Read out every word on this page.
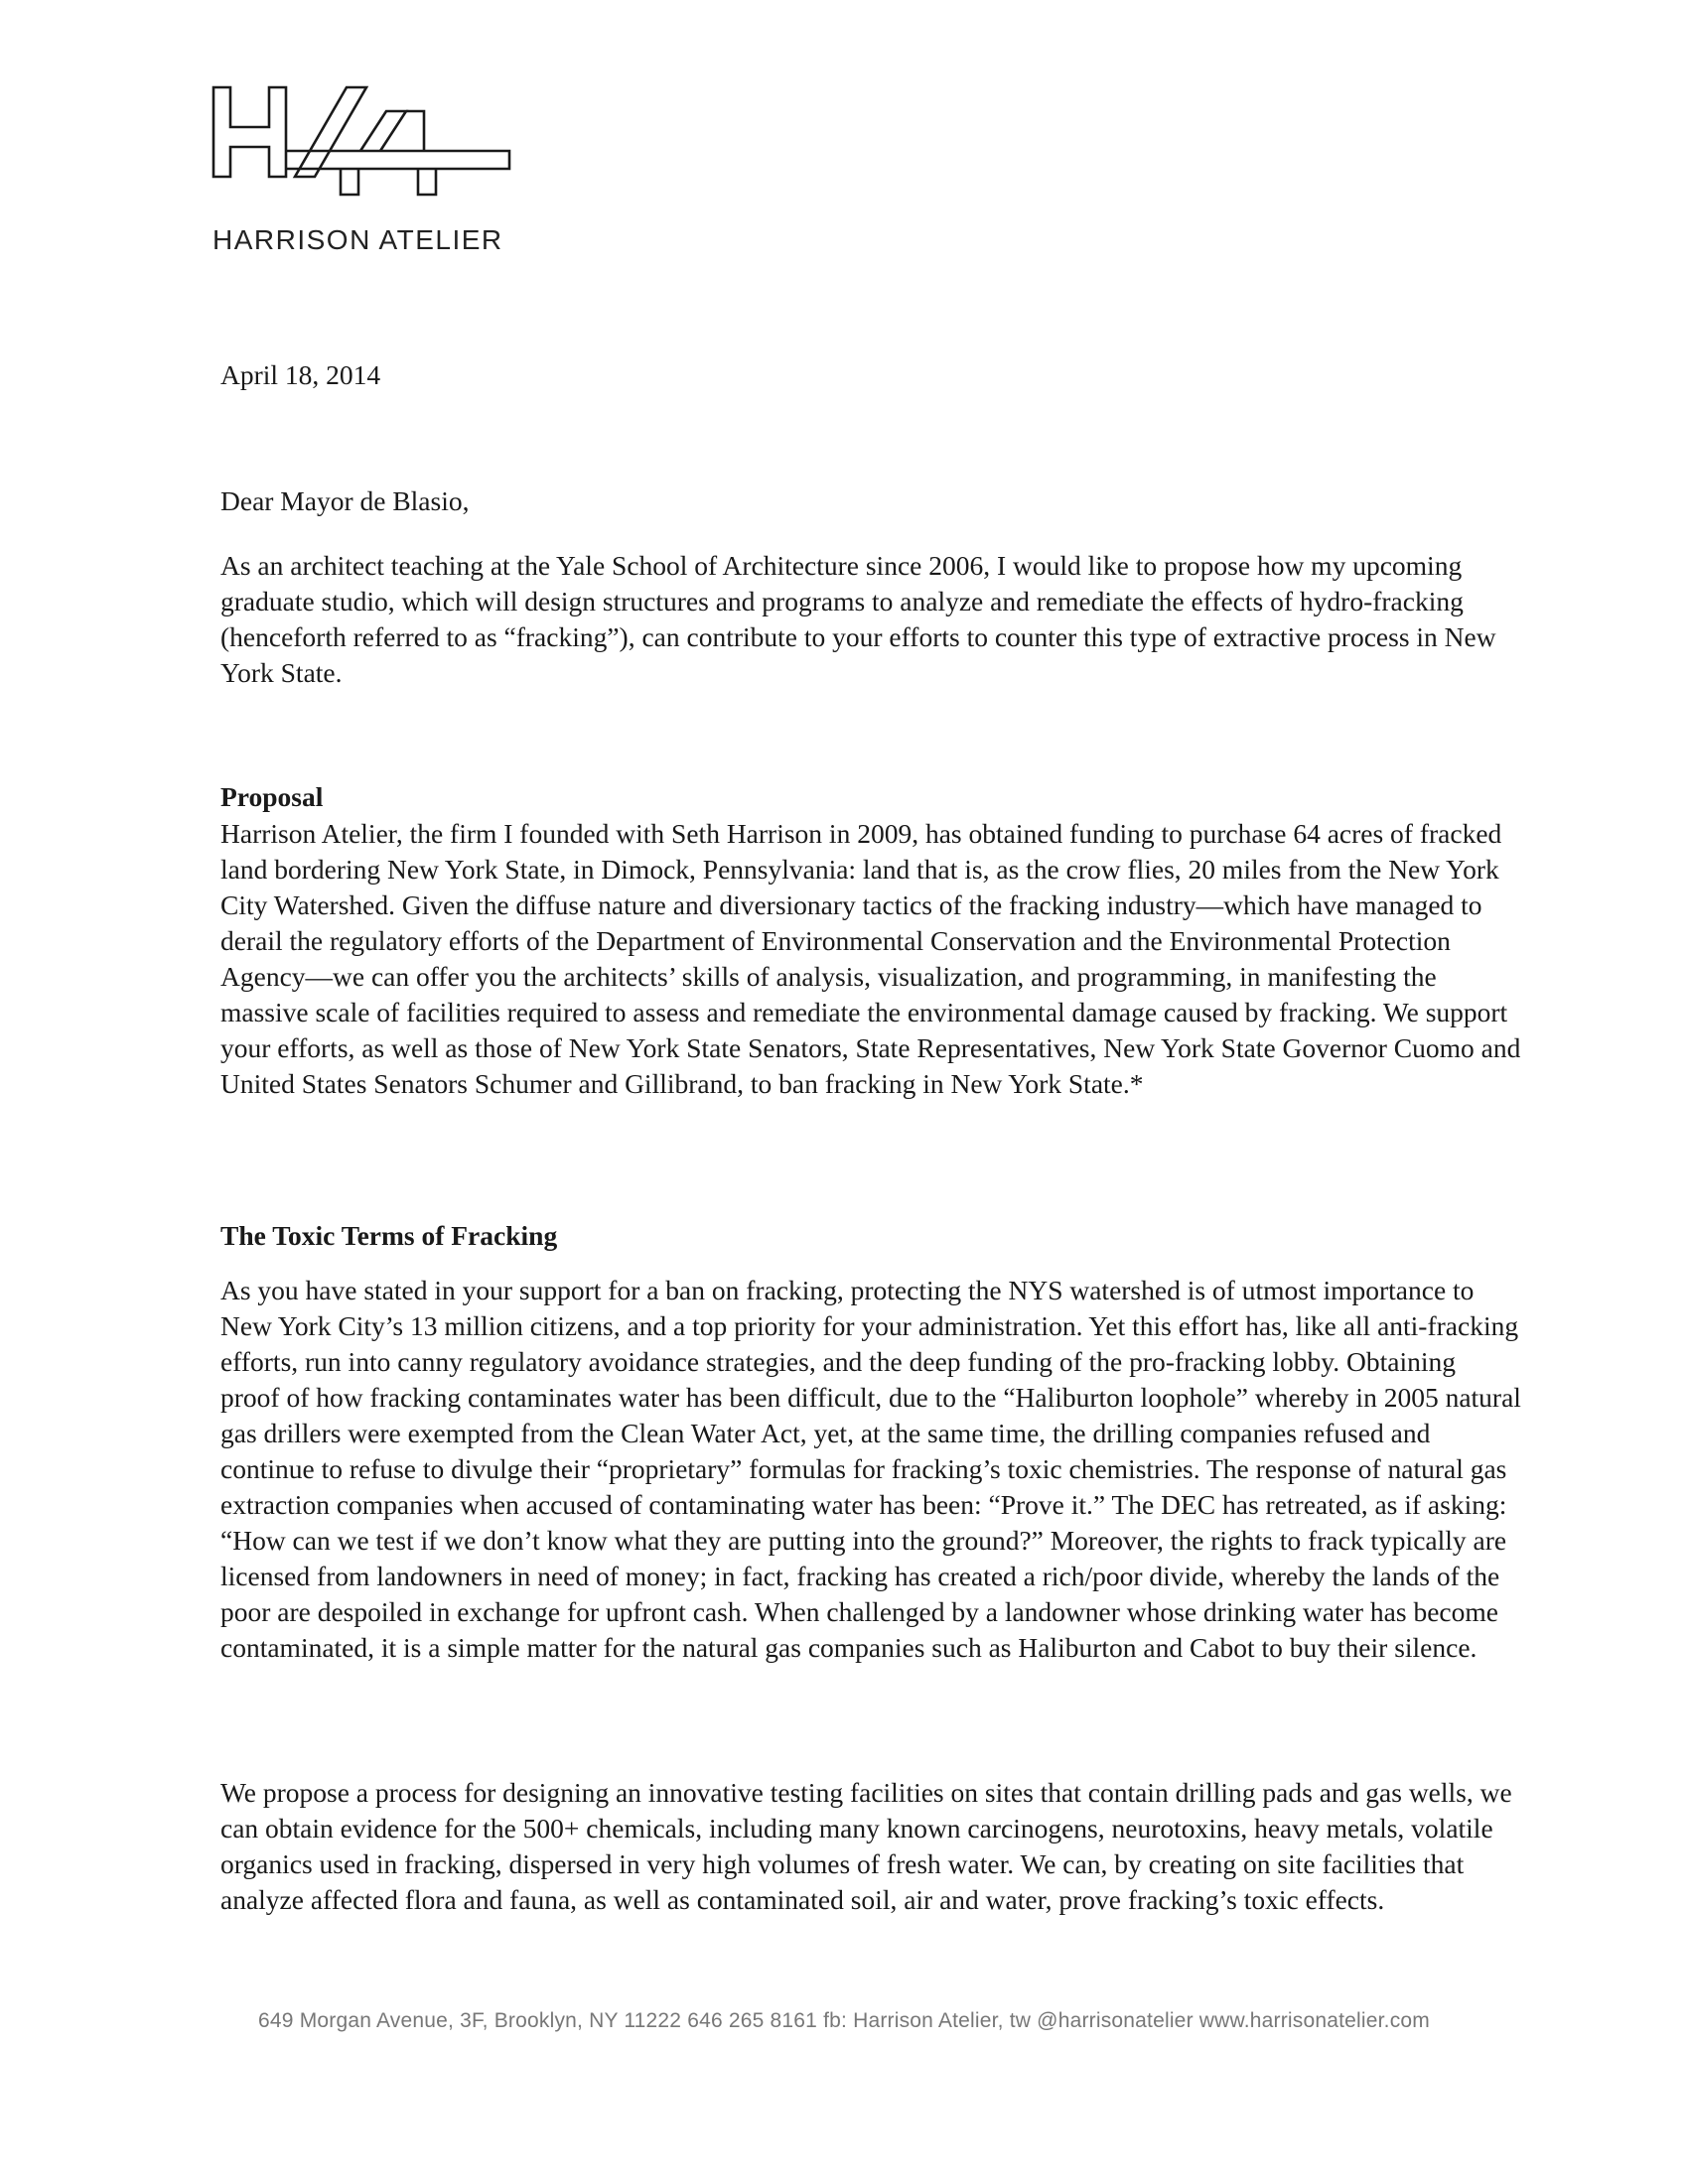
HARRISON ATELIER
April 18, 2014
Dear Mayor de Blasio,
As an architect teaching at the Yale School of Architecture since 2006, I would like to propose how my upcoming graduate studio, which will design structures and programs to analyze and remediate the effects of hydro-fracking (henceforth referred to as “fracking”), can contribute to your efforts to counter this type of extractive process in New York State.
Proposal
Harrison Atelier, the firm I founded with Seth Harrison in 2009, has obtained funding to purchase 64 acres of fracked land bordering New York State, in Dimock, Pennsylvania: land that is, as the crow flies, 20 miles from the New York City Watershed. Given the diffuse nature and diversionary tactics of the fracking industry—which have managed to derail the regulatory efforts of the Department of Environmental Conservation and the Environmental Protection Agency—we can offer you the architects’ skills of analysis, visualization, and programming, in manifesting the massive scale of facilities required to assess and remediate the environmental damage caused by fracking. We support your efforts, as well as those of New York State Senators, State Representatives, New York State Governor Cuomo and United States Senators Schumer and Gillibrand, to ban fracking in New York State.*
The Toxic Terms of Fracking
As you have stated in your support for a ban on fracking, protecting the NYS watershed is of utmost importance to New York City’s 13 million citizens, and a top priority for your administration. Yet this effort has, like all anti-fracking efforts, run into canny regulatory avoidance strategies, and the deep funding of the pro-fracking lobby. Obtaining proof of how fracking contaminates water has been difficult, due to the “Haliburton loophole” whereby in 2005 natural gas drillers were exempted from the Clean Water Act, yet, at the same time, the drilling companies refused and continue to refuse to divulge their “proprietary” formulas for fracking’s toxic chemistries. The response of natural gas extraction companies when accused of contaminating water has been: “Prove it.” The DEC has retreated, as if asking: “How can we test if we don’t know what they are putting into the ground?” Moreover, the rights to frack typically are licensed from landowners in need of money; in fact, fracking has created a rich/poor divide, whereby the lands of the poor are despoiled in exchange for upfront cash. When challenged by a landowner whose drinking water has become contaminated, it is a simple matter for the natural gas companies such as Haliburton and Cabot to buy their silence.
We propose a process for designing an innovative testing facilities on sites that contain drilling pads and gas wells, we can obtain evidence for the 500+ chemicals, including many known carcinogens, neurotoxins, heavy metals, volatile organics used in fracking, dispersed in very high volumes of fresh water. We can, by creating on site facilities that analyze affected flora and fauna, as well as contaminated soil, air and water, prove fracking’s toxic effects.
649 Morgan Avenue, 3F, Brooklyn, NY 11222 646 265 8161 fb: Harrison Atelier, tw @harrisonatelier www.harrisonatelier.com
